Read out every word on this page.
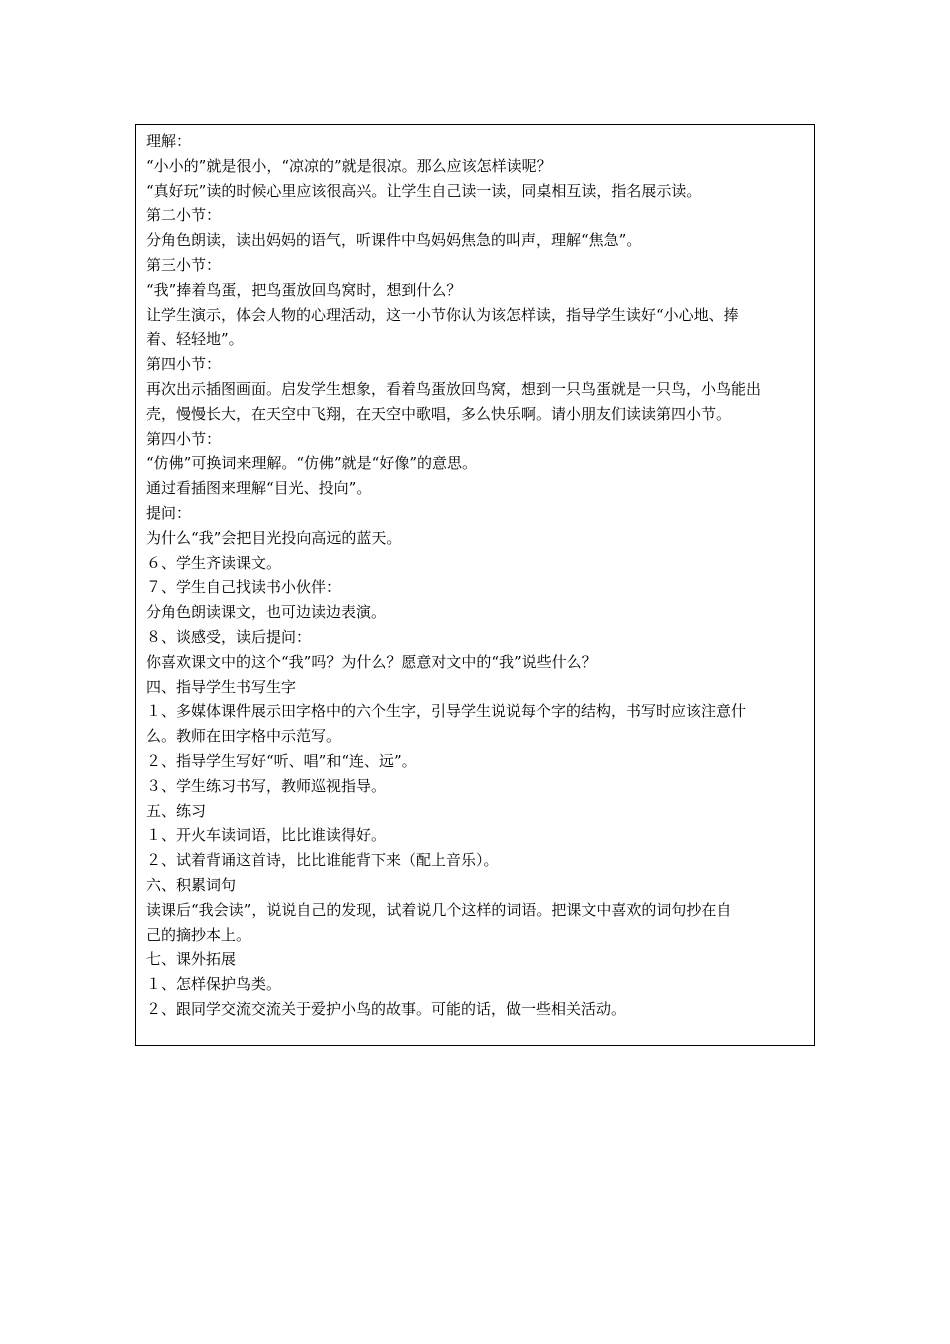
理解：
“小小的”就是很小，“凉凉的”就是很凉。那么应该怎样读呢？
“真好玩”读的时候心里应该很高兴。让学生自己读一读，同桌相互读，指名展示读。
第二小节：
分角色朗读，读出妈妈的语气，听课件中鸟妈妈焦急的叫声，理解“焦急”。
第三小节：
“我”捧着鸟蛋，把鸟蛋放回鸟窝时，想到什么？
让学生演示，体会人物的心理活动，这一小节你认为该怎样读，指导学生读好“小心地、捧
着、轻轻地”。
第四小节：
再次出示插图画面。启发学生想象，看着鸟蛋放回鸟窝，想到一只鸟蛋就是一只鸟，小鸟能出
壳，慢慢长大，在天空中飞翔，在天空中歌唱，多么快乐啊。请小朋友们读读第四小节。
第四小节：
“仿佛”可换词来理解。“仿佛”就是“好像”的意思。
通过看插图来理解“目光、投向”。
提问：
为什么“我”会把目光投向高远的蓝天。
６、学生齐读课文。
７、学生自己找读书小伙伴：
分角色朗读课文，也可边读边表演。
８、谈感受，读后提问：
你喜欢课文中的这个“我”吗？为什么？愿意对文中的“我”说些什么？
四、指导学生书写生字
１、多媒体课件展示田字格中的六个生字，引导学生说说每个字的结构，书写时应该注意什
么。教师在田字格中示范写。
２、指导学生写好“听、唱”和“连、远”。
３、学生练习书写，教师巡视指导。
五、练习
１、开火车读词语，比比谁读得好。
２、试着背诵这首诗，比比谁能背下来（配上音乐）。
六、积累词句
读课后“我会读”，说说自己的发现，试着说几个这样的词语。把课文中喜欢的词句抄在自
己的摘抄本上。
七、课外拓展
１、怎样保护鸟类。
２、跟同学交流交流关于爱护小鸟的故事。可能的话，做一些相关活动。
